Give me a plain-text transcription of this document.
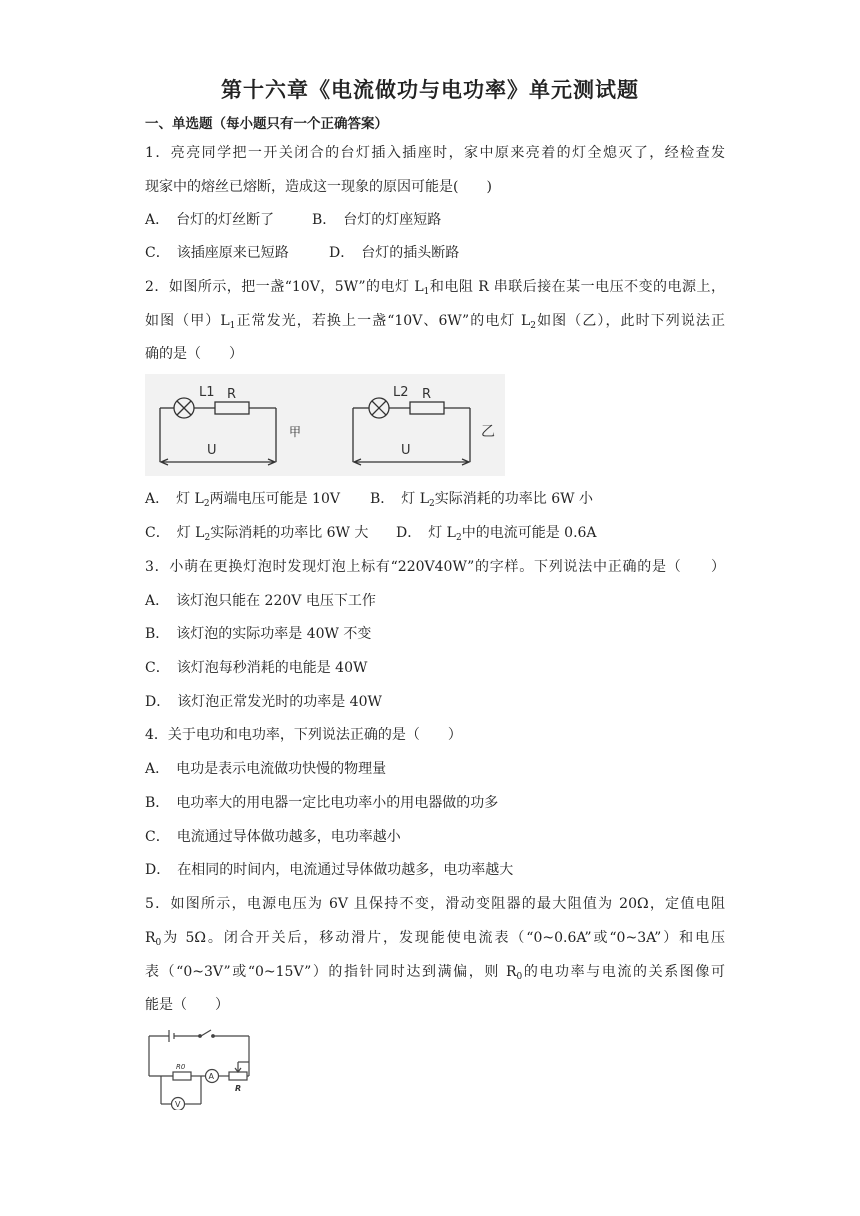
第十六章《电流做功与电功率》单元测试题
一、单选题（每小题只有一个正确答案）
1．亮亮同学把一开关闭合的台灯插入插座时，家中原来亮着的灯全熄灭了，经检查发
现家中的熔丝已熔断，造成这一现象的原因可能是(　　)
A．　台灯的灯丝断了	B．　台灯的灯座短路
C．　该插座原来已短路	D．　台灯的插头断路
2．如图所示，把一盏“10V，5W”的电灯 $L_1$和电阻 R 串联后接在某一电压不变的电源上，
如图（甲）$L_1$正常发光，若换上一盏“10V、6W”的电灯 $L_2$如图（乙），此时下列说法正
确的是（　　）
L1 R
U
甲
L2 R
U
乙
A．　灯 $L_2$两端电压可能是 10V B．　灯 $L_2$实际消耗的功率比 6W 小
C．　灯 $L_2$实际消耗的功率比 6W 大 D．　灯 $L_2$中的电流可能是 0.6A
3．小萌在更换灯泡时发现灯泡上标有“220V40W”的字样。下列说法中正确的是（　　）
A．　该灯泡只能在 220V 电压下工作
B．　该灯泡的实际功率是 40W 不变
C．　该灯泡每秒消耗的电能是 40W
D．　该灯泡正常发光时的功率是 40W
4．关于电功和电功率，下列说法正确的是（　　）
A．　电功是表示电流做功快慢的物理量
B．　电功率大的用电器一定比电功率小的用电器做的功多
C．　电流通过导体做功越多，电功率越小
D．　在相同的时间内，电流通过导体做功越多，电功率越大
5．如图所示，电源电压为 6V 且保持不变，滑动变阻器的最大阻值为 20Ω，定值电阻
$R_0$为 5Ω。闭合开关后，移动滑片，发现能使电流表（“0~0.6A”或“0~3A”）和电压
表（“0~3V”或“0~15V”）的指针同时达到满偏，则 $R_0$的电功率与电流的关系图像可
能是（　　）
R0
A
R
V
